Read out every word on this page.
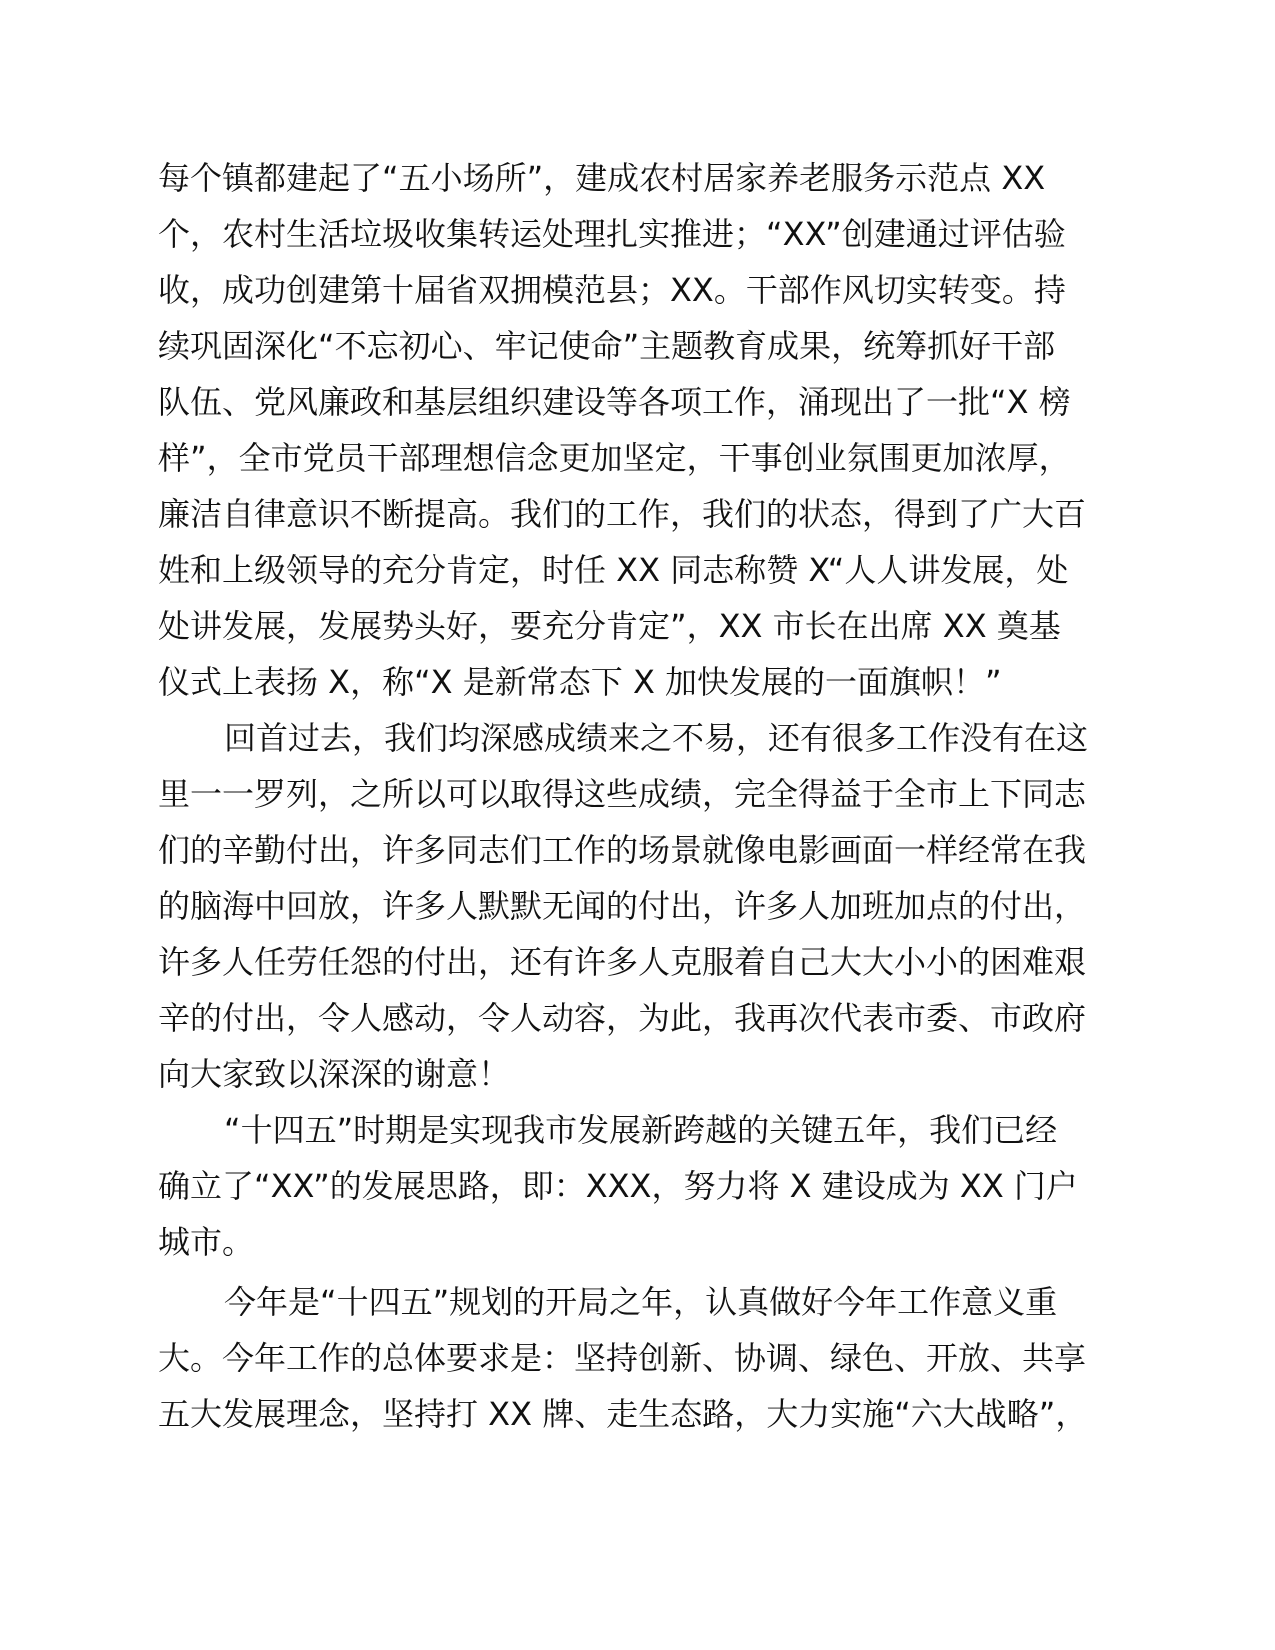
每个镇都建起了“五小场所”，建成农村居家养老服务示范点 XX
个，农村生活垃圾收集转运处理扎实推进；“XX”创建通过评估验
收，成功创建第十届省双拥模范县；XX。干部作风切实转变。持
续巩固深化“不忘初心、牢记使命”主题教育成果，统筹抓好干部
队伍、党风廉政和基层组织建设等各项工作，涌现出了一批“X 榜
样”，全市党员干部理想信念更加坚定，干事创业氛围更加浓厚，
廉洁自律意识不断提高。我们的工作，我们的状态，得到了广大百
姓和上级领导的充分肯定，时任 XX 同志称赞 X“人人讲发展，处
处讲发展，发展势头好，要充分肯定”，XX 市长在出席 XX 奠基
仪式上表扬 X，称“X 是新常态下 X 加快发展的一面旗帜！”
回首过去，我们均深感成绩来之不易，还有很多工作没有在这
里一一罗列，之所以可以取得这些成绩，完全得益于全市上下同志
们的辛勤付出，许多同志们工作的场景就像电影画面一样经常在我
的脑海中回放，许多人默默无闻的付出，许多人加班加点的付出，
许多人任劳任怨的付出，还有许多人克服着自己大大小小的困难艰
辛的付出，令人感动，令人动容，为此，我再次代表市委、市政府
向大家致以深深的谢意！
“十四五”时期是实现我市发展新跨越的关键五年，我们已经
确立了“XX”的发展思路，即：XXX，努力将 X 建设成为 XX 门户
城市。
今年是“十四五”规划的开局之年，认真做好今年工作意义重
大。今年工作的总体要求是：坚持创新、协调、绿色、开放、共享
五大发展理念，坚持打 XX 牌、走生态路，大力实施“六大战略”，
